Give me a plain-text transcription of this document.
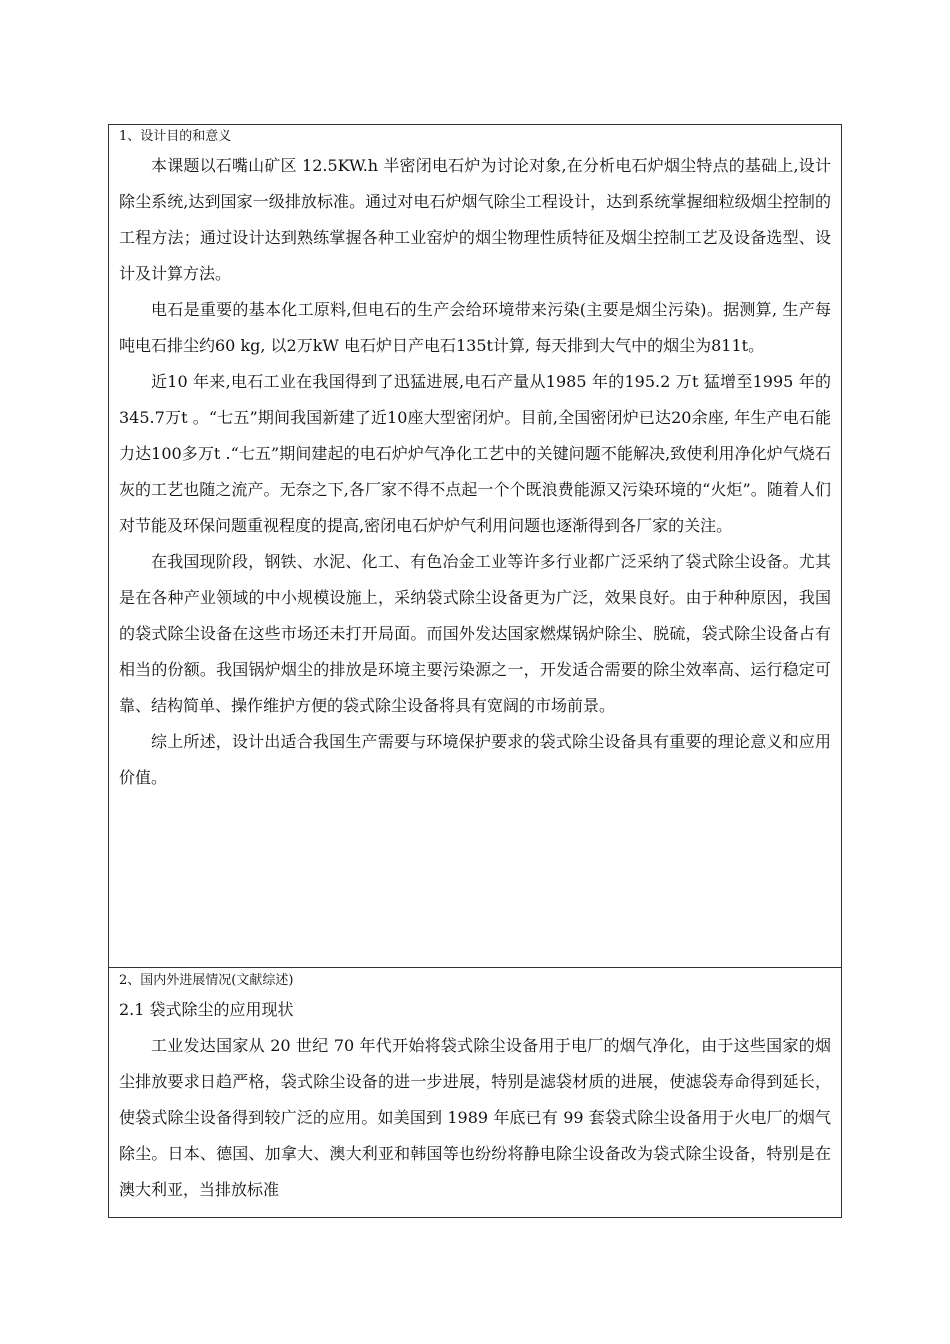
1、设计目的和意义

本课题以石嘴山矿区 12.5KW.h 半密闭电石炉为讨论对象,在分析电石炉烟尘特点的基础上,设计除尘系统,达到国家一级排放标准。通过对电石炉烟气除尘工程设计，达到系统掌握细粒级烟尘控制的工程方法；通过设计达到熟练掌握各种工业窑炉的烟尘物理性质特征及烟尘控制工艺及设备选型、设计及计算方法。

电石是重要的基本化工原料,但电石的生产会给环境带来污染(主要是烟尘污染)。据测算, 生产每吨电石排尘约60 kg, 以2万kW 电石炉日产电石135t计算, 每天排到大气中的烟尘为811t。

近10 年来,电石工业在我国得到了迅猛进展,电石产量从1985 年的195.2 万t 猛增至1995 年的345.7万t 。“七五”期间我国新建了近10座大型密闭炉。目前,全国密闭炉已达20余座, 年生产电石能力达100多万t .“七五”期间建起的电石炉炉气净化工艺中的关键问题不能解决,致使利用净化炉气烧石灰的工艺也随之流产。无奈之下,各厂家不得不点起一个个既浪费能源又污染环境的“火炬”。随着人们对节能及环保问题重视程度的提高,密闭电石炉炉气利用问题也逐渐得到各厂家的关注。

在我国现阶段，钢铁、水泥、化工、有色冶金工业等许多行业都广泛采纳了袋式除尘设备。尤其是在各种产业领域的中小规模设施上，采纳袋式除尘设备更为广泛，效果良好。由于种种原因，我国的袋式除尘设备在这些市场还未打开局面。而国外发达国家燃煤锅炉除尘、脱硫，袋式除尘设备占有相当的份额。我国锅炉烟尘的排放是环境主要污染源之一，开发适合需要的除尘效率高、运行稳定可靠、结构简单、操作维护方便的袋式除尘设备将具有宽阔的市场前景。

综上所述，设计出适合我国生产需要与环境保护要求的袋式除尘设备具有重要的理论意义和应用价值。

2、国内外进展情况(文献综述)
2.1 袋式除尘的应用现状

工业发达国家从 20 世纪 70 年代开始将袋式除尘设备用于电厂的烟气净化，由于这些国家的烟尘排放要求日趋严格，袋式除尘设备的进一步进展，特别是滤袋材质的进展，使滤袋寿命得到延长，使袋式除尘设备得到较广泛的应用。如美国到 1989 年底已有 99 套袋式除尘设备用于火电厂的烟气除尘。日本、德国、加拿大、澳大利亚和韩国等也纷纷将静电除尘设备改为袋式除尘设备，特别是在澳大利亚，当排放标准
